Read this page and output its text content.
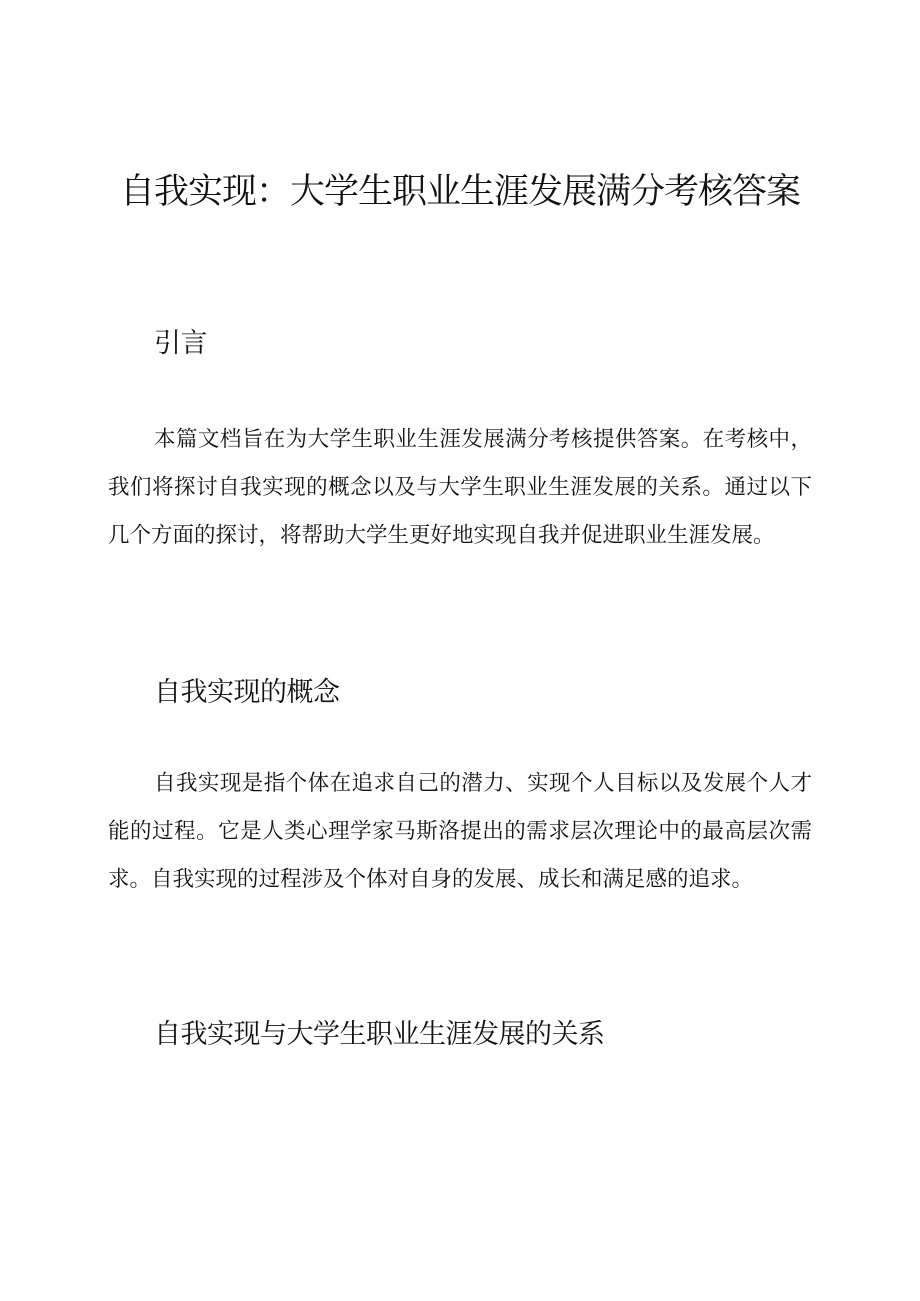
自我实现：大学生职业生涯发展满分考核答案
引言

本篇文档旨在为大学生职业生涯发展满分考核提供答案。在考核中，我们将探讨自我实现的概念以及与大学生职业生涯发展的关系。通过以下几个方面的探讨，将帮助大学生更好地实现自我并促进职业生涯发展。

自我实现的概念

自我实现是指个体在追求自己的潜力、实现个人目标以及发展个人才能的过程。它是人类心理学家马斯洛提出的需求层次理论中的最高层次需求。自我实现的过程涉及个体对自身的发展、成长和满足感的追求。

自我实现与大学生职业生涯发展的关系
